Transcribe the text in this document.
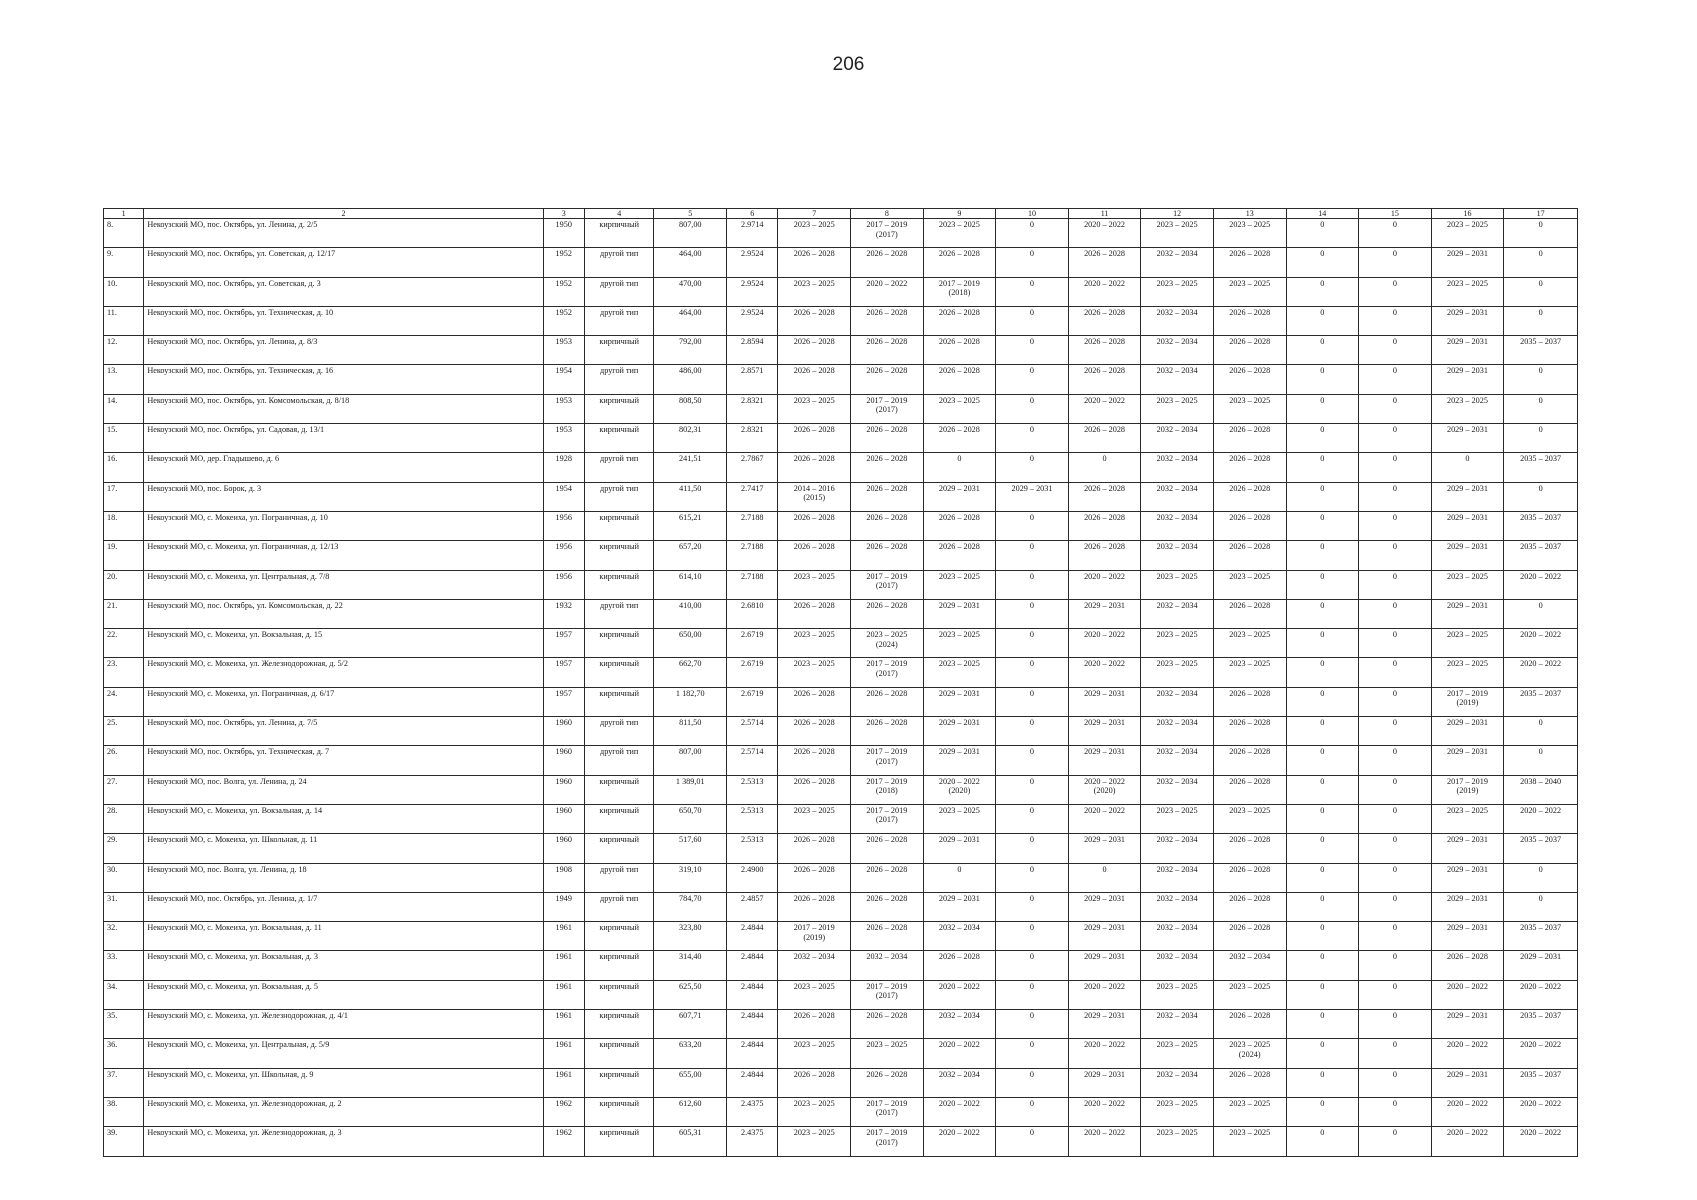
206
1	2	3	4	5	6	7	8	9	10	11	12	13	14	15	16	17

8.	Некоузский МО, пос. Октябрь, ул. Ленина, д. 2/5	1950	кирпичный	807,00	2.9714	2023 – 2025	2017 – 2019
(2017)	2023 – 2025	0	2020 – 2022	2023 – 2025	2023 – 2025	0	0	2023 – 2025	0

9.	Некоузский МО, пос. Октябрь, ул. Советская, д. 12/17	1952	другой тип	464,00	2.9524	2026 – 2028	2026 – 2028	2026 – 2028	0	2026 – 2028	2032 – 2034	2026 – 2028	0	0	2029 – 2031	0

10.	Некоузский МО, пос. Октябрь, ул. Советская, д. 3	1952	другой тип	470,00	2.9524	2023 – 2025	2020 – 2022	2017 – 2019
(2018)	0	2020 – 2022	2023 – 2025	2023 – 2025	0	0	2023 – 2025	0

11.	Некоузский МО, пос. Октябрь, ул. Техническая, д. 10	1952	другой тип	464,00	2.9524	2026 – 2028	2026 – 2028	2026 – 2028	0	2026 – 2028	2032 – 2034	2026 – 2028	0	0	2029 – 2031	0

12.	Некоузский МО, пос. Октябрь, ул. Ленина, д. 8/3	1953	кирпичный	792,00	2.8594	2026 – 2028	2026 – 2028	2026 – 2028	0	2026 – 2028	2032 – 2034	2026 – 2028	0	0	2029 – 2031	2035 – 2037

13.	Некоузский МО, пос. Октябрь, ул. Техническая, д. 16	1954	другой тип	486,00	2.8571	2026 – 2028	2026 – 2028	2026 – 2028	0	2026 – 2028	2032 – 2034	2026 – 2028	0	0	2029 – 2031	0

14.	Некоузский МО, пос. Октябрь, ул. Комсомольская, д. 8/18	1953	кирпичный	808,50	2.8321	2023 – 2025	2017 – 2019
(2017)	2023 – 2025	0	2020 – 2022	2023 – 2025	2023 – 2025	0	0	2023 – 2025	0

15.	Некоузский МО, пос. Октябрь, ул. Садовая, д. 13/1	1953	кирпичный	802,31	2.8321	2026 – 2028	2026 – 2028	2026 – 2028	0	2026 – 2028	2032 – 2034	2026 – 2028	0	0	2029 – 2031	0

16.	Некоузский МО, дер. Гладышево, д. 6	1928	другой тип	241,51	2.7867	2026 – 2028	2026 – 2028	0	0	0	2032 – 2034	2026 – 2028	0	0	0	2035 – 2037

17.	Некоузский МО, пос. Борок, д. 3	1954	другой тип	411,50	2.7417	2014 – 2016
(2015)	2026 – 2028	2029 – 2031	2029 – 2031	2026 – 2028	2032 – 2034	2026 – 2028	0	0	2029 – 2031	0

18.	Некоузский МО, с. Мокеиха, ул. Пограничная, д. 10	1956	кирпичный	615,21	2.7188	2026 – 2028	2026 – 2028	2026 – 2028	0	2026 – 2028	2032 – 2034	2026 – 2028	0	0	2029 – 2031	2035 – 2037

19.	Некоузский МО, с. Мокеиха, ул. Пограничная, д. 12/13	1956	кирпичный	657,20	2.7188	2026 – 2028	2026 – 2028	2026 – 2028	0	2026 – 2028	2032 – 2034	2026 – 2028	0	0	2029 – 2031	2035 – 2037

20.	Некоузский МО, с. Мокеиха, ул. Центральная, д. 7/8	1956	кирпичный	614,10	2.7188	2023 – 2025	2017 – 2019
(2017)	2023 – 2025	0	2020 – 2022	2023 – 2025	2023 – 2025	0	0	2023 – 2025	2020 – 2022

21.	Некоузский МО, пос. Октябрь, ул. Комсомольская, д. 22	1932	другой тип	410,00	2.6810	2026 – 2028	2026 – 2028	2029 – 2031	0	2029 – 2031	2032 – 2034	2026 – 2028	0	0	2029 – 2031	0

22.	Некоузский МО, с. Мокеиха, ул. Вокзальная, д. 15	1957	кирпичный	650,00	2.6719	2023 – 2025	2023 – 2025
(2024)	2023 – 2025	0	2020 – 2022	2023 – 2025	2023 – 2025	0	0	2023 – 2025	2020 – 2022

23.	Некоузский МО, с. Мокеиха, ул. Железнодорожная, д. 5/2	1957	кирпичный	662,70	2.6719	2023 – 2025	2017 – 2019
(2017)	2023 – 2025	0	2020 – 2022	2023 – 2025	2023 – 2025	0	0	2023 – 2025	2020 – 2022

24.	Некоузский МО, с. Мокеиха, ул. Пограничная, д. 6/17	1957	кирпичный	1 182,70	2.6719	2026 – 2028	2026 – 2028	2029 – 2031	0	2029 – 2031	2032 – 2034	2026 – 2028	0	0	2017 – 2019
(2019)	2035 – 2037

25.	Некоузский МО, пос. Октябрь, ул. Ленина, д. 7/5	1960	другой тип	811,50	2.5714	2026 – 2028	2026 – 2028	2029 – 2031	0	2029 – 2031	2032 – 2034	2026 – 2028	0	0	2029 – 2031	0

26.	Некоузский МО, пос. Октябрь, ул. Техническая, д. 7	1960	другой тип	807,00	2.5714	2026 – 2028	2017 – 2019
(2017)	2029 – 2031	0	2029 – 2031	2032 – 2034	2026 – 2028	0	0	2029 – 2031	0

27.	Некоузский МО, пос. Волга, ул. Ленина, д. 24	1960	кирпичный	1 389,01	2.5313	2026 – 2028	2017 – 2019
(2018)	2020 – 2022
(2020)	0	2020 – 2022
(2020)	2032 – 2034	2026 – 2028	0	0	2017 – 2019
(2019)	2038 – 2040

28.	Некоузский МО, с. Мокеиха, ул. Вокзальная, д. 14	1960	кирпичный	650,70	2.5313	2023 – 2025	2017 – 2019
(2017)	2023 – 2025	0	2020 – 2022	2023 – 2025	2023 – 2025	0	0	2023 – 2025	2020 – 2022

29.	Некоузский МО, с. Мокеиха, ул. Школьная, д. 11	1960	кирпичный	517,60	2.5313	2026 – 2028	2026 – 2028	2029 – 2031	0	2029 – 2031	2032 – 2034	2026 – 2028	0	0	2029 – 2031	2035 – 2037

30.	Некоузский МО, пос. Волга, ул. Ленина, д. 18	1908	другой тип	319,10	2.4900	2026 – 2028	2026 – 2028	0	0	0	2032 – 2034	2026 – 2028	0	0	2029 – 2031	0

31.	Некоузский МО, пос. Октябрь, ул. Ленина, д. 1/7	1949	другой тип	784,70	2.4857	2026 – 2028	2026 – 2028	2029 – 2031	0	2029 – 2031	2032 – 2034	2026 – 2028	0	0	2029 – 2031	0

32.	Некоузский МО, с. Мокеиха, ул. Вокзальная, д. 11	1961	кирпичный	323,80	2.4844	2017 – 2019
(2019)	2026 – 2028	2032 – 2034	0	2029 – 2031	2032 – 2034	2026 – 2028	0	0	2029 – 2031	2035 – 2037

33.	Некоузский МО, с. Мокеиха, ул. Вокзальная, д. 3	1961	кирпичный	314,40	2.4844	2032 – 2034	2032 – 2034	2026 – 2028	0	2029 – 2031	2032 – 2034	2032 – 2034	0	0	2026 – 2028	2029 – 2031

34.	Некоузский МО, с. Мокеиха, ул. Вокзальная, д. 5	1961	кирпичный	625,50	2.4844	2023 – 2025	2017 – 2019
(2017)	2020 – 2022	0	2020 – 2022	2023 – 2025	2023 – 2025	0	0	2020 – 2022	2020 – 2022

35.	Некоузский МО, с. Мокеиха, ул. Железнодорожная, д. 4/1	1961	кирпичный	607,71	2.4844	2026 – 2028	2026 – 2028	2032 – 2034	0	2029 – 2031	2032 – 2034	2026 – 2028	0	0	2029 – 2031	2035 – 2037

36.	Некоузский МО, с. Мокеиха, ул. Центральная, д. 5/9	1961	кирпичный	633,20	2.4844	2023 – 2025	2023 – 2025	2020 – 2022	0	2020 – 2022	2023 – 2025	2023 – 2025
(2024)	0	0	2020 – 2022	2020 – 2022

37.	Некоузский МО, с. Мокеиха, ул. Школьная, д. 9	1961	кирпичный	655,00	2.4844	2026 – 2028	2026 – 2028	2032 – 2034	0	2029 – 2031	2032 – 2034	2026 – 2028	0	0	2029 – 2031	2035 – 2037

38.	Некоузский МО, с. Мокеиха, ул. Железнодорожная, д. 2	1962	кирпичный	612,60	2.4375	2023 – 2025	2017 – 2019
(2017)	2020 – 2022	0	2020 – 2022	2023 – 2025	2023 – 2025	0	0	2020 – 2022	2020 – 2022

39.	Некоузский МО, с. Мокеиха, ул. Железнодорожная, д. 3	1962	кирпичный	605,31	2.4375	2023 – 2025	2017 – 2019
(2017)	2020 – 2022	0	2020 – 2022	2023 – 2025	2023 – 2025	0	0	2020 – 2022	2020 – 2022
